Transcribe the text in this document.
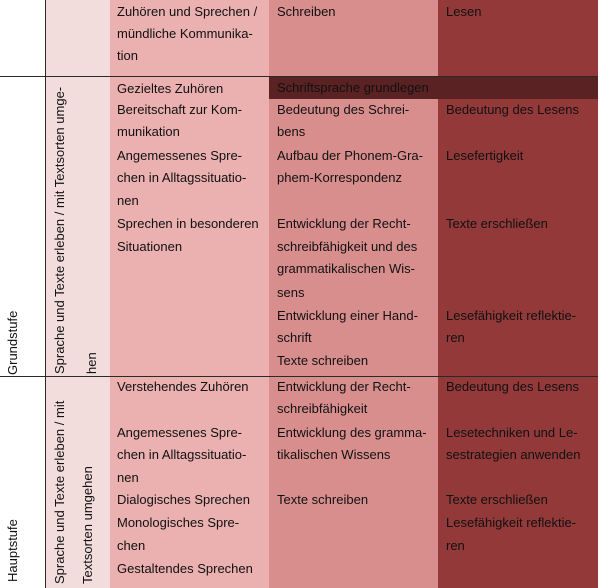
Schriftsprache grundlegen
Zuhören und Sprechen /
mündliche Kommunika-
tion
Schreiben	Lesen
Grundstufe Sprache und Texte erleben / mit Textsorten umge- hen
Gezieltes Zuhören
Bereitschaft zur Kom-
munikation
Angemessenes Spre-
chen in Alltagssituatio-
nen
Sprechen in besonderen
Situationen
Bedeutung des Schrei-
bens
Aufbau der Phonem-Gra-
phem-Korrespondenz
Entwicklung der Recht-
schreibfähigkeit und des
grammatikalischen Wis-
sens
Entwicklung einer Hand-
schrift
Texte schreiben
Bedeutung des Lesens
Lesefertigkeit
Texte erschließen
Lesefähigkeit reflektie-
ren
Hauptstufe Sprache und Texte erleben / mit Textsorten umgehen
Verstehendes Zuhören
Angemessenes Spre-
chen in Alltagssituatio-
nen
Dialogisches Sprechen
Monologisches Spre-
chen
Gestaltendes Sprechen
Entwicklung der Recht-
schreibfähigkeit
Entwicklung des gramma-
tikalischen Wissens
Texte schreiben
Bedeutung des Lesens
Lesetechniken und Le-
sestrategien anwenden
Texte erschließen
Lesefähigkeit reflektie-
ren
